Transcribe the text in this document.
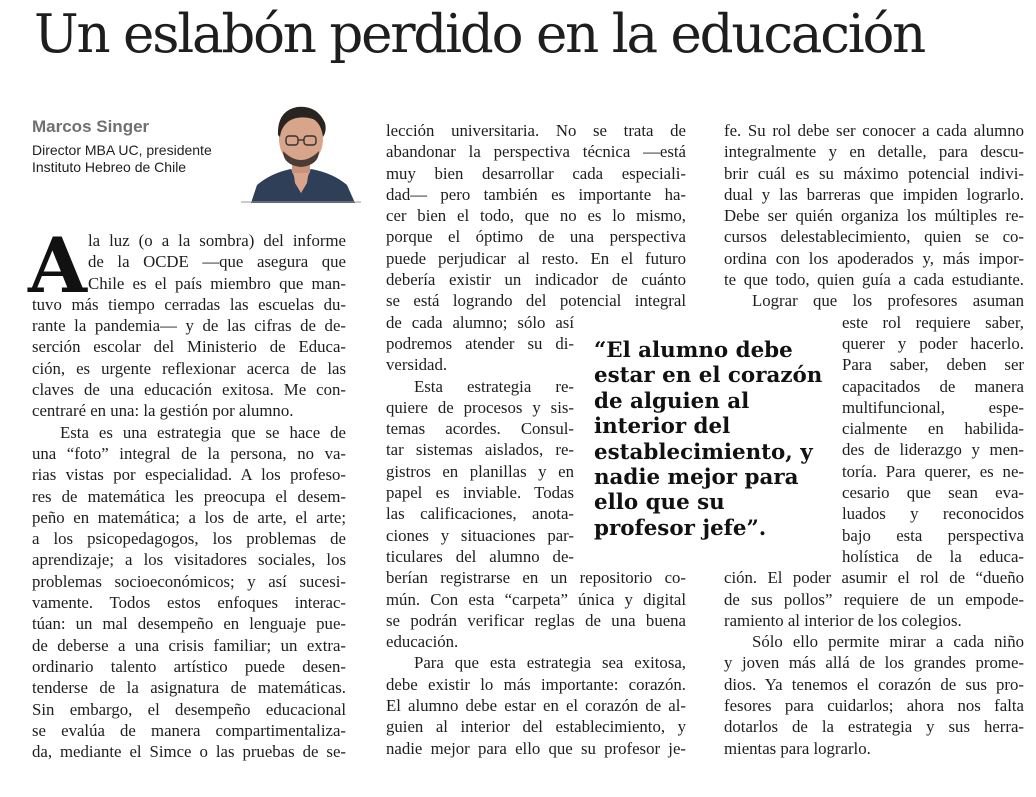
Un eslabón perdido en la educación
Marcos Singer
Director MBA UC, presidente
Instituto Hebreo de Chile
A la luz (o a la sombra) del informe
de la OCDE —que asegura que
Chile es el país miembro que man-
tuvo más tiempo cerradas las escuelas du-
rante la pandemia— y de las cifras de de-
serción escolar del Ministerio de Educa-
ción, es urgente reflexionar acerca de las
claves de una educación exitosa. Me con-
centraré en una: la gestión por alumno.
Esta es una estrategia que se hace de
una “foto” integral de la persona, no va-
rias vistas por especialidad. A los profeso-
res de matemática les preocupa el desem-
peño en matemática; a los de arte, el arte;
a los psicopedagogos, los problemas de
aprendizaje; a los visitadores sociales, los
problemas socioeconómicos; y así sucesi-
vamente. Todos estos enfoques interac-
túan: un mal desempeño en lenguaje pue-
de deberse a una crisis familiar; un extra-
ordinario talento artístico puede desen-
tenderse de la asignatura de matemáticas.
Sin embargo, el desempeño educacional
se evalúa de manera compartimentaliza-
da, mediante el Simce o las pruebas de se-
lección universitaria. No se trata de
abandonar la perspectiva técnica —está
muy bien desarrollar cada especiali-
dad— pero también es importante ha-
cer bien el todo, que no es lo mismo,
porque el óptimo de una perspectiva
puede perjudicar al resto. En el futuro
debería existir un indicador de cuánto
se está logrando del potencial integral
de cada alumno; sólo así
podremos atender su di-
versidad.
Esta estrategia re-
quiere de procesos y sis-
temas acordes. Consul-
tar sistemas aislados, re-
gistros en planillas y en
papel es inviable. Todas
las calificaciones, anota-
ciones y situaciones par-
ticulares del alumno de-
berían registrarse en un repositorio co-
mún. Con esta “carpeta” única y digital
se podrán verificar reglas de una buena
educación.
Para que esta estrategia sea exitosa,
debe existir lo más importante: corazón.
El alumno debe estar en el corazón de al-
guien al interior del establecimiento, y
nadie mejor para ello que su profesor je-
fe. Su rol debe ser conocer a cada alumno
integralmente y en detalle, para descu-
brir cuál es su máximo potencial indivi-
dual y las barreras que impiden lograrlo.
Debe ser quién organiza los múltiples re-
cursos delestablecimiento, quien se co-
ordina con los apoderados y, más impor-
te que todo, quien guía a cada estudiante.
Lograr que los profesores asuman
este rol requiere saber,
querer y poder hacerlo.
Para saber, deben ser
capacitados de manera
multifuncional, espe-
cialmente en habilida-
des de liderazgo y men-
toría. Para querer, es ne-
cesario que sean eva-
luados y reconocidos
bajo esta perspectiva
holística de la educa-
ción. El poder asumir el rol de “dueño
de sus pollos” requiere de un empode-
ramiento al interior de los colegios.
Sólo ello permite mirar a cada niño
y joven más allá de los grandes prome-
dios. Ya tenemos el corazón de sus pro-
fesores para cuidarlos; ahora nos falta
dotarlos de la estrategia y sus herra-
mientas para lograrlo.
“El alumno debe
estar en el corazón
de alguien al
interior del
establecimiento, y
nadie mejor para
ello que su
profesor jefe”.
